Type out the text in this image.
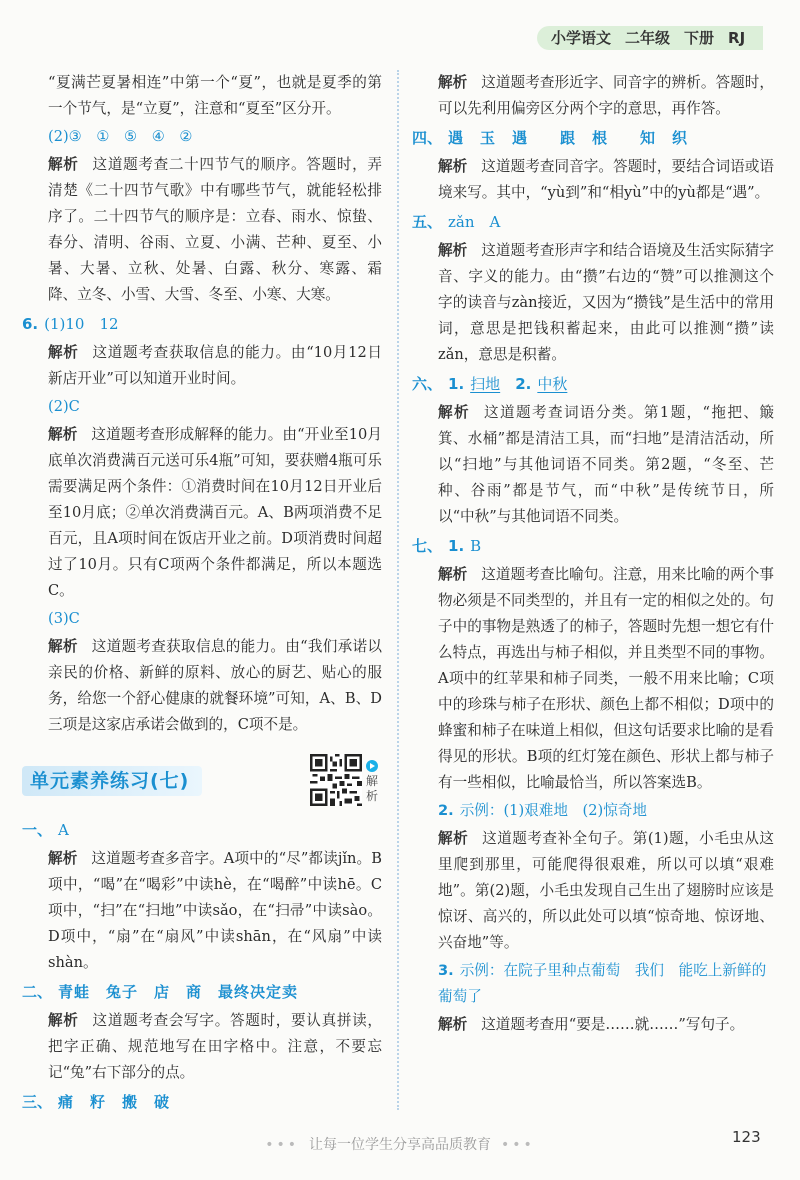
小学语文 二年级 下册 RJ

“夏满芒夏暑相连”中第一个“夏”，也就是夏季的第一个节气，是“立夏”，注意和“夏至”区分开。

(2)③　①　⑤　④　②

解析 这道题考查二十四节气的顺序。答题时，弄清楚《二十四节气歌》中有哪些节气，就能轻松排序了。二十四节气的顺序是：立春、雨水、惊蛰、春分、清明、谷雨、立夏、小满、芒种、夏至、小暑、大暑、立秋、处暑、白露、秋分、寒露、霜降、立冬、小雪、大雪、冬至、小寒、大寒。

6. (1)10　12

解析 这道题考查获取信息的能力。由“10月12日新店开业”可以知道开业时间。

(2)C

解析 这道题考查形成解释的能力。由“开业至10月底单次消费满百元送可乐4瓶”可知，要获赠4瓶可乐需要满足两个条件：①消费时间在10月12日开业后至10月底；②单次消费满百元。A、B两项消费不足百元，且A项时间在饭店开业之前。D项消费时间超过了10月。只有C项两个条件都满足，所以本题选C。

(3)C

解析 这道题考查获取信息的能力。由“我们承诺以亲民的价格、新鲜的原料、放心的厨艺、贴心的服务，给您一个舒心健康的就餐环境”可知，A、B、D三项是这家店承诺会做到的，C项不是。

单元素养练习(七)	解析
一、 A

解析 这道题考查多音字。A项中的“尽”都读jǐn。B项中，“喝”在“喝彩”中读hè，在“喝醉”中读hē。C项中，“扫”在“扫地”中读sǎo，在“扫帚”中读sào。D项中，“扇”在“扇风”中读shān，在“风扇”中读shàn。

二、 青蛙　兔子　店　商　最终决定卖

解析 这道题考查会写字。答题时，要认真拼读，把字正确、规范地写在田字格中。注意，不要忘记“兔”右下部分的点。

三、 痛　籽　搬　破

解析 这道题考查形近字、同音字的辨析。答题时，可以先利用偏旁区分两个字的意思，再作答。

四、 遇　玉　遇　　跟　根　　知　织

解析 这道题考查同音字。答题时，要结合词语或语境来写。其中，“yù到”和“相yù”中的yù都是“遇”。

五、 zǎn　A

解析 这道题考查形声字和结合语境及生活实际猜字音、字义的能力。由“攒”右边的“赞”可以推测这个字的读音与zàn接近，又因为“攒钱”是生活中的常用词，意思是把钱积蓄起来，由此可以推测“攒”读zǎn，意思是积蓄。

六、 1. 扫地　 2. 中秋

解析 这道题考查词语分类。第1题，“拖把、簸箕、水桶”都是清洁工具，而“扫地”是清洁活动，所以“扫地”与其他词语不同类。第2题，“冬至、芒种、谷雨”都是节气，而“中秋”是传统节日，所以“中秋”与其他词语不同类。

七、 1. B

解析 这道题考查比喻句。注意，用来比喻的两个事物必须是不同类型的，并且有一定的相似之处的。句子中的事物是熟透了的柿子，答题时先想一想它有什么特点，再选出与柿子相似，并且类型不同的事物。A项中的红苹果和柿子同类，一般不用来比喻；C项中的珍珠与柿子在形状、颜色上都不相似；D项中的蜂蜜和柿子在味道上相似，但这句话要求比喻的是看得见的形状。B项的红灯笼在颜色、形状上都与柿子有一些相似，比喻最恰当，所以答案选B。

2. 示例：(1)艰难地　(2)惊奇地

解析 这道题考查补全句子。第(1)题，小毛虫从这里爬到那里，可能爬得很艰难，所以可以填“艰难地”。第(2)题，小毛虫发现自己生出了翅膀时应该是惊讶、高兴的，所以此处可以填“惊奇地、惊讶地、兴奋地”等。

3. 示例：在院子里种点葡萄　我们　能吃上新鲜的葡萄了

解析 这道题考查用“要是……就……”写句子。

••• 让每一位学生分享高品质教育 •••	123
